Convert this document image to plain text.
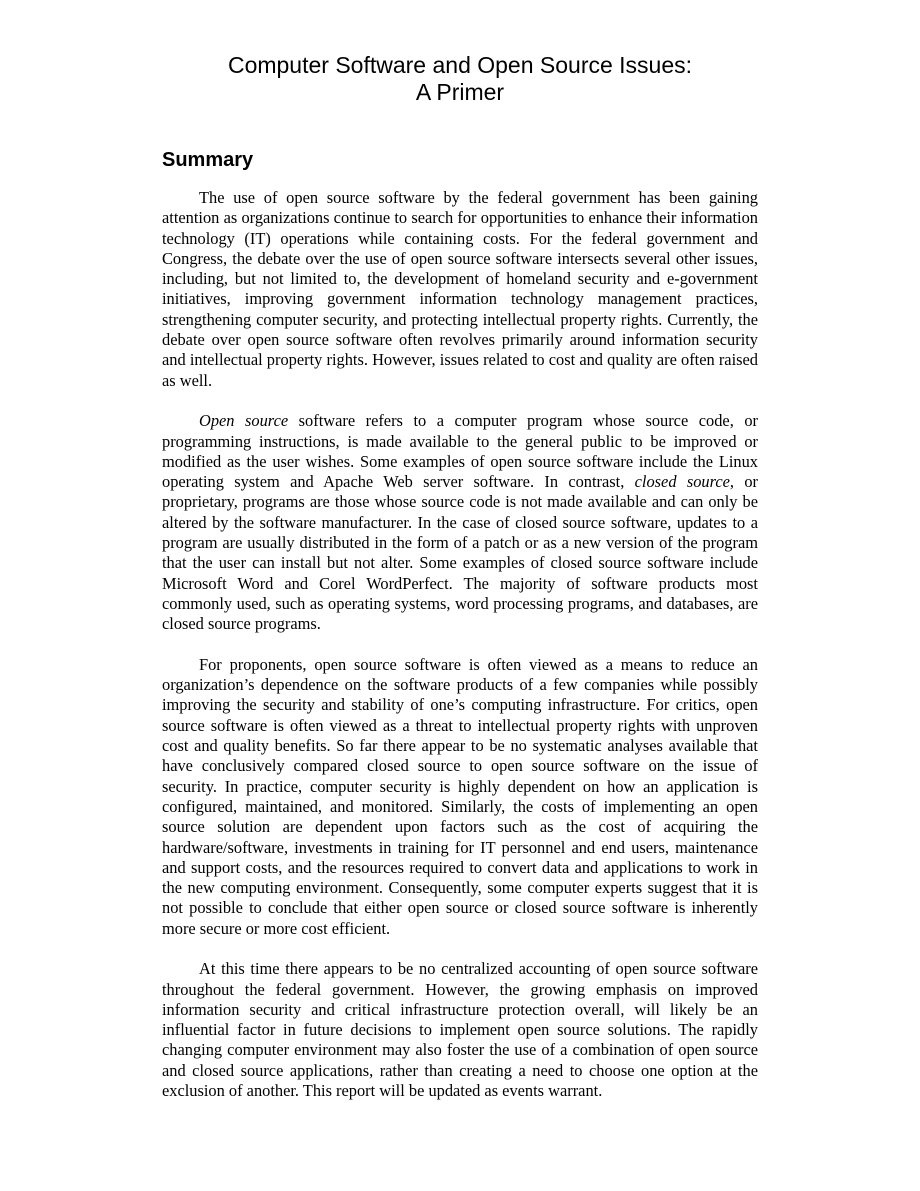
Computer Software and Open Source Issues:
A Primer
Summary

The use of open source software by the federal government has been gaining attention as organizations continue to search for opportunities to enhance their information technology (IT) operations while containing costs. For the federal government and Congress, the debate over the use of open source software intersects several other issues, including, but not limited to, the development of homeland security and e-government initiatives, improving government information technology management practices, strengthening computer security, and protecting intellectual property rights. Currently, the debate over open source software often revolves primarily around information security and intellectual property rights. However, issues related to cost and quality are often raised as well.

Open source software refers to a computer program whose source code, or programming instructions, is made available to the general public to be improved or modified as the user wishes. Some examples of open source software include the Linux operating system and Apache Web server software. In contrast, closed source, or proprietary, programs are those whose source code is not made available and can only be altered by the software manufacturer. In the case of closed source software, updates to a program are usually distributed in the form of a patch or as a new version of the program that the user can install but not alter. Some examples of closed source software include Microsoft Word and Corel WordPerfect. The majority of software products most commonly used, such as operating systems, word processing programs, and databases, are closed source programs.

For proponents, open source software is often viewed as a means to reduce an organization’s dependence on the software products of a few companies while possibly improving the security and stability of one’s computing infrastructure. For critics, open source software is often viewed as a threat to intellectual property rights with unproven cost and quality benefits. So far there appear to be no systematic analyses available that have conclusively compared closed source to open source software on the issue of security. In practice, computer security is highly dependent on how an application is configured, maintained, and monitored. Similarly, the costs of implementing an open source solution are dependent upon factors such as the cost of acquiring the hardware/software, investments in training for IT personnel and end users, maintenance and support costs, and the resources required to convert data and applications to work in the new computing environment. Consequently, some computer experts suggest that it is not possible to conclude that either open source or closed source software is inherently more secure or more cost efficient.

At this time there appears to be no centralized accounting of open source software throughout the federal government. However, the growing emphasis on improved information security and critical infrastructure protection overall, will likely be an influential factor in future decisions to implement open source solutions. The rapidly changing computer environment may also foster the use of a combination of open source and closed source applications, rather than creating a need to choose one option at the exclusion of another. This report will be updated as events warrant.
